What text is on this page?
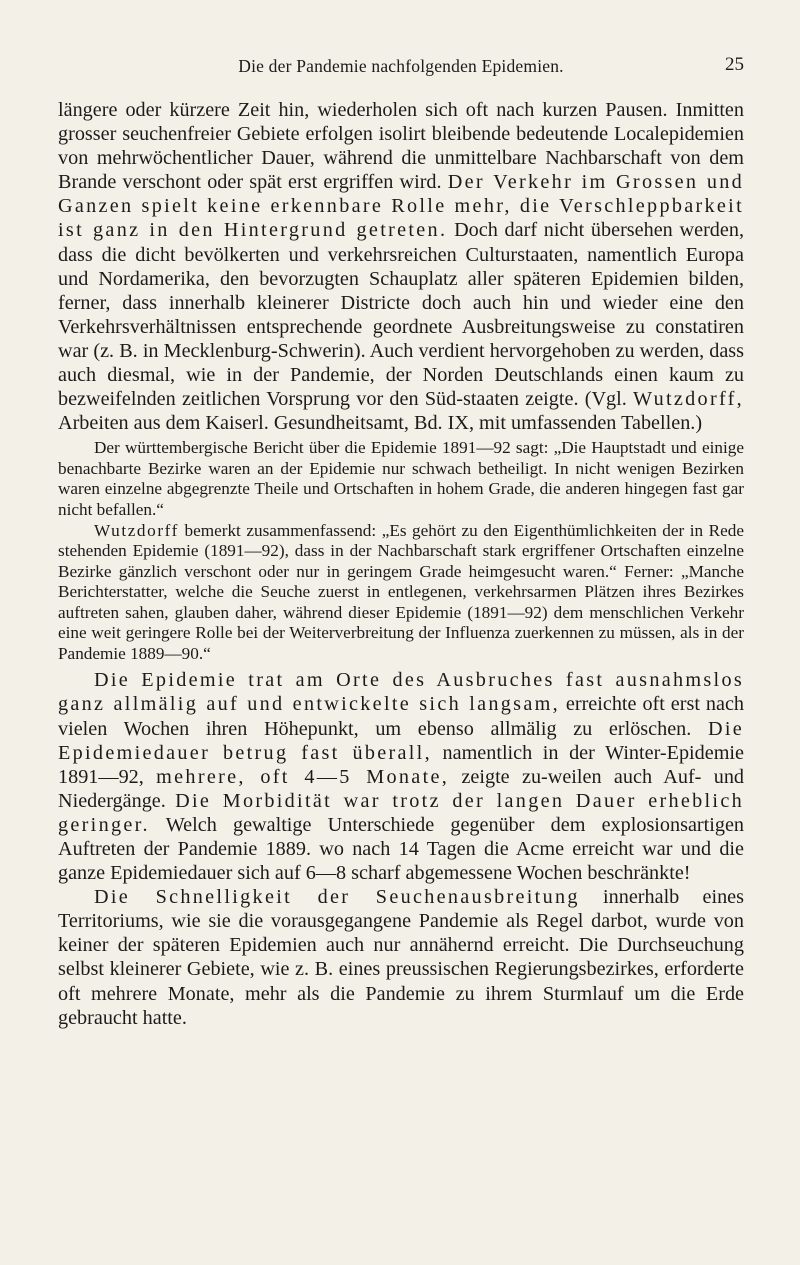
Die der Pandemie nachfolgenden Epidemien.	25

längere oder kürzere Zeit hin, wiederholen sich oft nach kurzen Pausen. Inmitten grosser seuchenfreier Gebiete erfolgen isolirt bleibende bedeutende Localepidemien von mehrwöchentlicher Dauer, während die unmittelbare Nachbarschaft von dem Brande verschont oder spät erst ergriffen wird. Der Verkehr im Grossen und Ganzen spielt keine erkennbare Rolle mehr, die Verschleppbarkeit ist ganz in den Hintergrund getreten. Doch darf nicht übersehen werden, dass die dicht bevölkerten und verkehrsreichen Culturstaaten, namentlich Europa und Nordamerika, den bevorzugten Schauplatz aller späteren Epidemien bilden, ferner, dass innerhalb kleinerer Districte doch auch hin und wieder eine den Verkehrsverhältnissen entsprechende geordnete Ausbreitungsweise zu constatiren war (z. B. in Mecklenburg-Schwerin). Auch verdient hervorgehoben zu werden, dass auch diesmal, wie in der Pandemie, der Norden Deutschlands einen kaum zu bezweifelnden zeitlichen Vorsprung vor den Süd-staaten zeigte. (Vgl. Wutzdorff, Arbeiten aus dem Kaiserl. Gesundheitsamt, Bd. IX, mit umfassenden Tabellen.)

Der württembergische Bericht über die Epidemie 1891—92 sagt: „Die Hauptstadt und einige benachbarte Bezirke waren an der Epidemie nur schwach betheiligt. In nicht wenigen Bezirken waren einzelne abgegrenzte Theile und Ortschaften in hohem Grade, die anderen hingegen fast gar nicht befallen.“

Wutzdorff bemerkt zusammenfassend: „Es gehört zu den Eigenthümlichkeiten der in Rede stehenden Epidemie (1891—92), dass in der Nachbarschaft stark ergriffener Ortschaften einzelne Bezirke gänzlich verschont oder nur in geringem Grade heimgesucht waren.“ Ferner: „Manche Berichterstatter, welche die Seuche zuerst in entlegenen, verkehrsarmen Plätzen ihres Bezirkes auftreten sahen, glauben daher, während dieser Epidemie (1891—92) dem menschlichen Verkehr eine weit geringere Rolle bei der Weiterverbreitung der Influenza zuerkennen zu müssen, als in der Pandemie 1889—90.“

Die Epidemie trat am Orte des Ausbruches fast ausnahmslos ganz allmälig auf und entwickelte sich langsam, erreichte oft erst nach vielen Wochen ihren Höhepunkt, um ebenso allmälig zu erlöschen. Die Epidemiedauer betrug fast überall, namentlich in der Winter-Epidemie 1891—92, mehrere, oft 4—5 Monate, zeigte zu-weilen auch Auf- und Niedergänge. Die Morbidität war trotz der langen Dauer erheblich geringer. Welch gewaltige Unterschiede gegenüber dem explosionsartigen Auftreten der Pandemie 1889. wo nach 14 Tagen die Acme erreicht war und die ganze Epidemiedauer sich auf 6—8 scharf abgemessene Wochen beschränkte!

Die Schnelligkeit der Seuchenausbreitung innerhalb eines Territoriums, wie sie die vorausgegangene Pandemie als Regel darbot, wurde von keiner der späteren Epidemien auch nur annähernd erreicht. Die Durchseuchung selbst kleinerer Gebiete, wie z. B. eines preussischen Regierungsbezirkes, erforderte oft mehrere Monate, mehr als die Pandemie zu ihrem Sturmlauf um die Erde gebraucht hatte.
